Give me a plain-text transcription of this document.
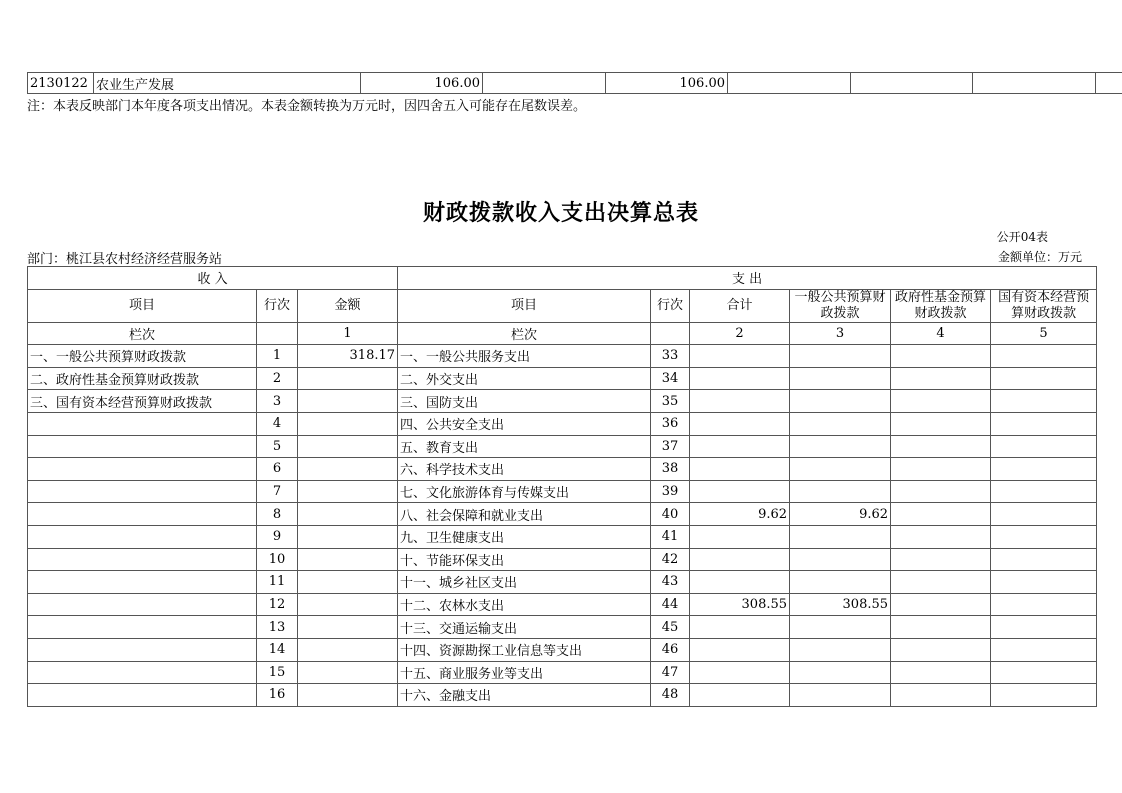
2130122	农业生产发展	106.00		106.00				
注：本表反映部门本年度各项支出情况。本表金额转换为万元时，因四舍五入可能存在尾数误差。
财政拨款收入支出决算总表
公开04表
部门：桃江县农村经济经营服务站	金额单位：万元
收 入			支 出					
项目	行次	金额	项目	行次	合计	一般公共预算财政拨款	政府性基金预算财政拨款	国有资本经营预算财政拨款
栏次		1	栏次		2	3	4	5
一、一般公共预算财政拨款	1	318.17	一、一般公共服务支出	33				
二、政府性基金预算财政拨款	2		二、外交支出	34				
三、国有资本经营预算财政拨款	3		三、国防支出	35				
	4		四、公共安全支出	36				
	5		五、教育支出	37				
	6		六、科学技术支出	38				
	7		七、文化旅游体育与传媒支出	39				
	8		八、社会保障和就业支出	40	9.62	9.62		
	9		九、卫生健康支出	41				
	10		十、节能环保支出	42				
	11		十一、城乡社区支出	43				
	12		十二、农林水支出	44	308.55	308.55		
	13		十三、交通运输支出	45				
	14		十四、资源勘探工业信息等支出	46				
	15		十五、商业服务业等支出	47				
	16		十六、金融支出	48				
